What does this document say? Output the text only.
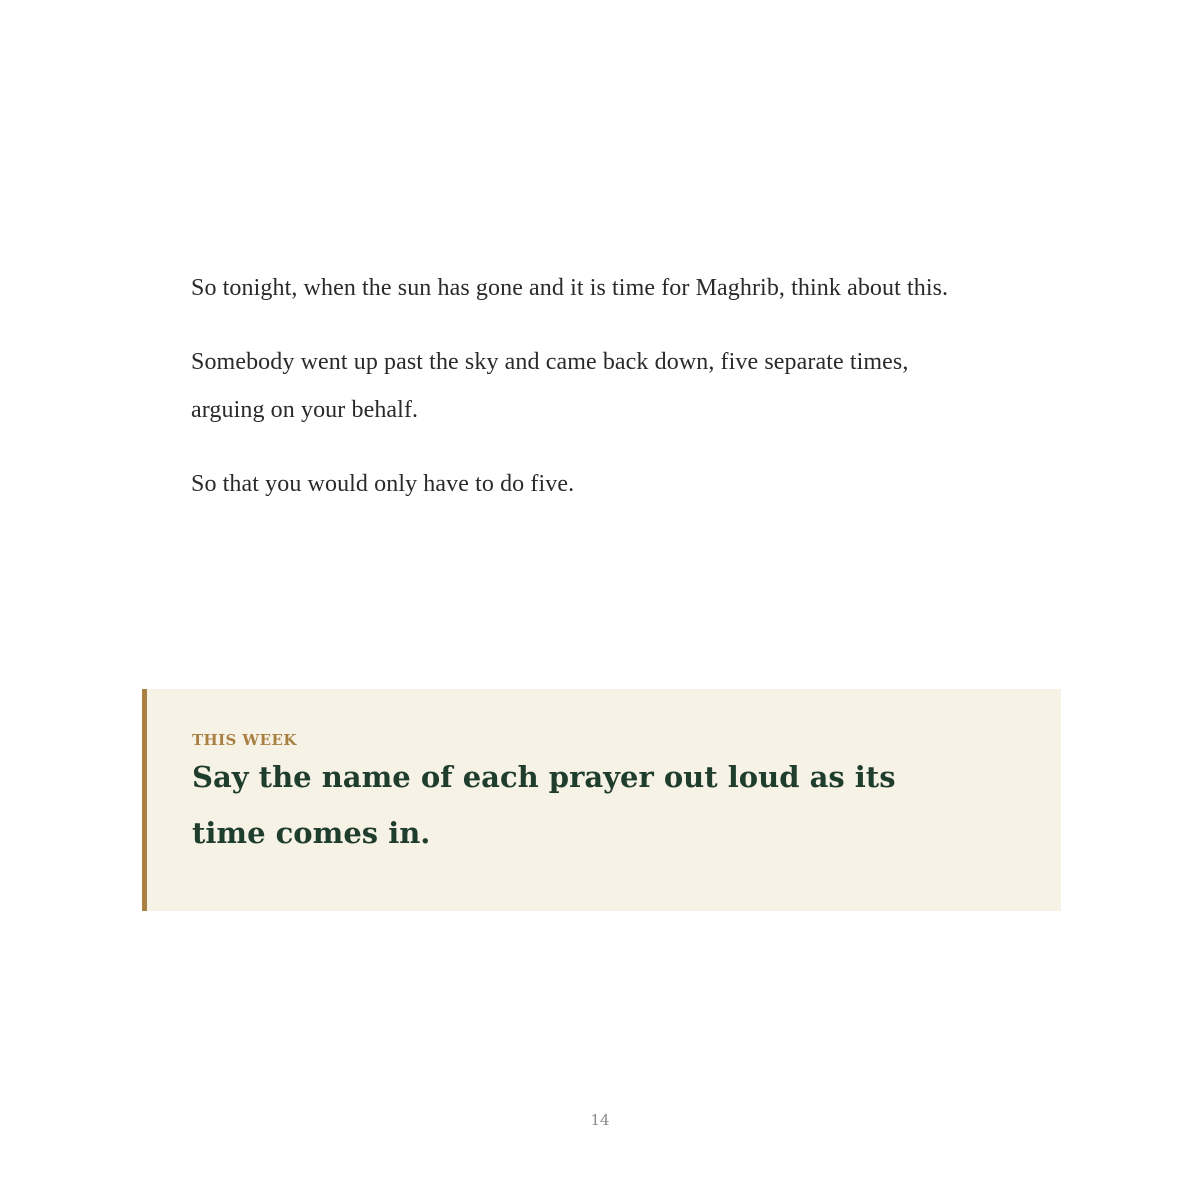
So tonight, when the sun has gone and it is time for Maghrib, think about this.

Somebody went up past the sky and came back down, five separate times, arguing on your behalf.

So that you would only have to do five.

THIS WEEK

Say the name of each prayer out loud as its time comes in.

14
